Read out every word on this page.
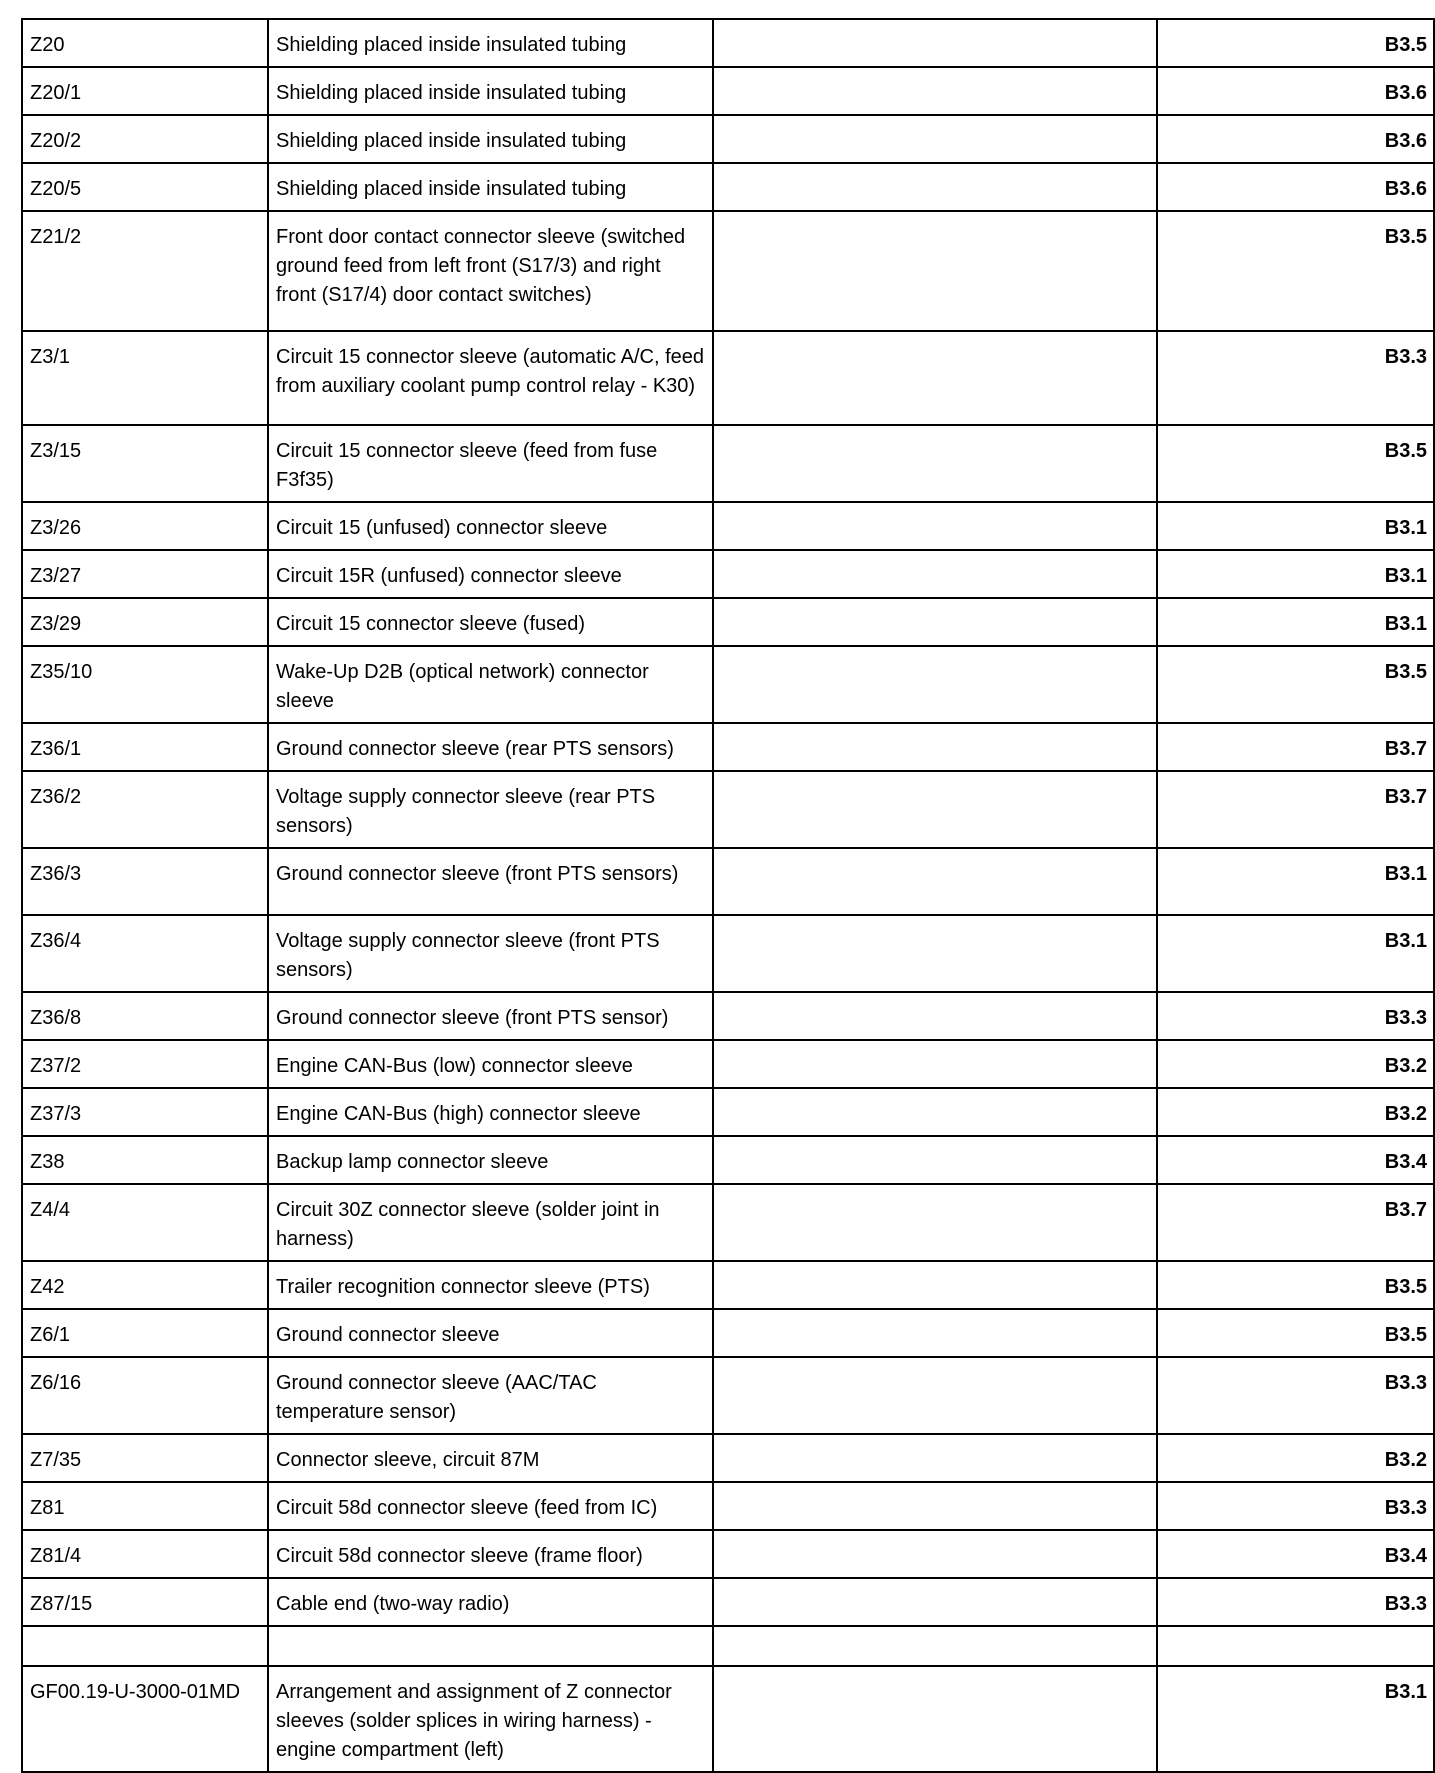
Z20	Shielding placed inside insulated tubing		B3.5
Z20/1	Shielding placed inside insulated tubing		B3.6
Z20/2	Shielding placed inside insulated tubing		B3.6
Z20/5	Shielding placed inside insulated tubing		B3.6
Z21/2	Front door contact connector sleeve (switched ground feed from left front (S17/3) and right front (S17/4) door contact switches)		B3.5
Z3/1	Circuit 15 connector sleeve (automatic A/C, feed from auxiliary coolant pump control relay - K30)		B3.3
Z3/15	Circuit 15 connector sleeve (feed from fuse F3f35)		B3.5
Z3/26	Circuit 15 (unfused) connector sleeve		B3.1
Z3/27	Circuit 15R (unfused) connector sleeve		B3.1
Z3/29	Circuit 15 connector sleeve (fused)		B3.1
Z35/10	Wake-Up D2B (optical network) connector sleeve		B3.5
Z36/1	Ground connector sleeve (rear PTS sensors)		B3.7
Z36/2	Voltage supply connector sleeve (rear PTS sensors)		B3.7
Z36/3	Ground connector sleeve (front PTS sensors)		B3.1
Z36/4	Voltage supply connector sleeve (front PTS sensors)		B3.1
Z36/8	Ground connector sleeve (front PTS sensor)		B3.3
Z37/2	Engine CAN-Bus (low) connector sleeve		B3.2
Z37/3	Engine CAN-Bus (high) connector sleeve		B3.2
Z38	Backup lamp connector sleeve		B3.4
Z4/4	Circuit 30Z connector sleeve (solder joint in harness)		B3.7
Z42	Trailer recognition connector sleeve (PTS)		B3.5
Z6/1	Ground connector sleeve		B3.5
Z6/16	Ground connector sleeve (AAC/TAC temperature sensor)		B3.3
Z7/35	Connector sleeve, circuit 87M		B3.2
Z81	Circuit 58d connector sleeve (feed from IC)		B3.3
Z81/4	Circuit 58d connector sleeve (frame floor)		B3.4
Z87/15	Cable end (two-way radio)		B3.3

GF00.19-U-3000-01MD	Arrangement and assignment of Z connector sleeves (solder splices in wiring harness) - engine compartment (left)		B3.1
